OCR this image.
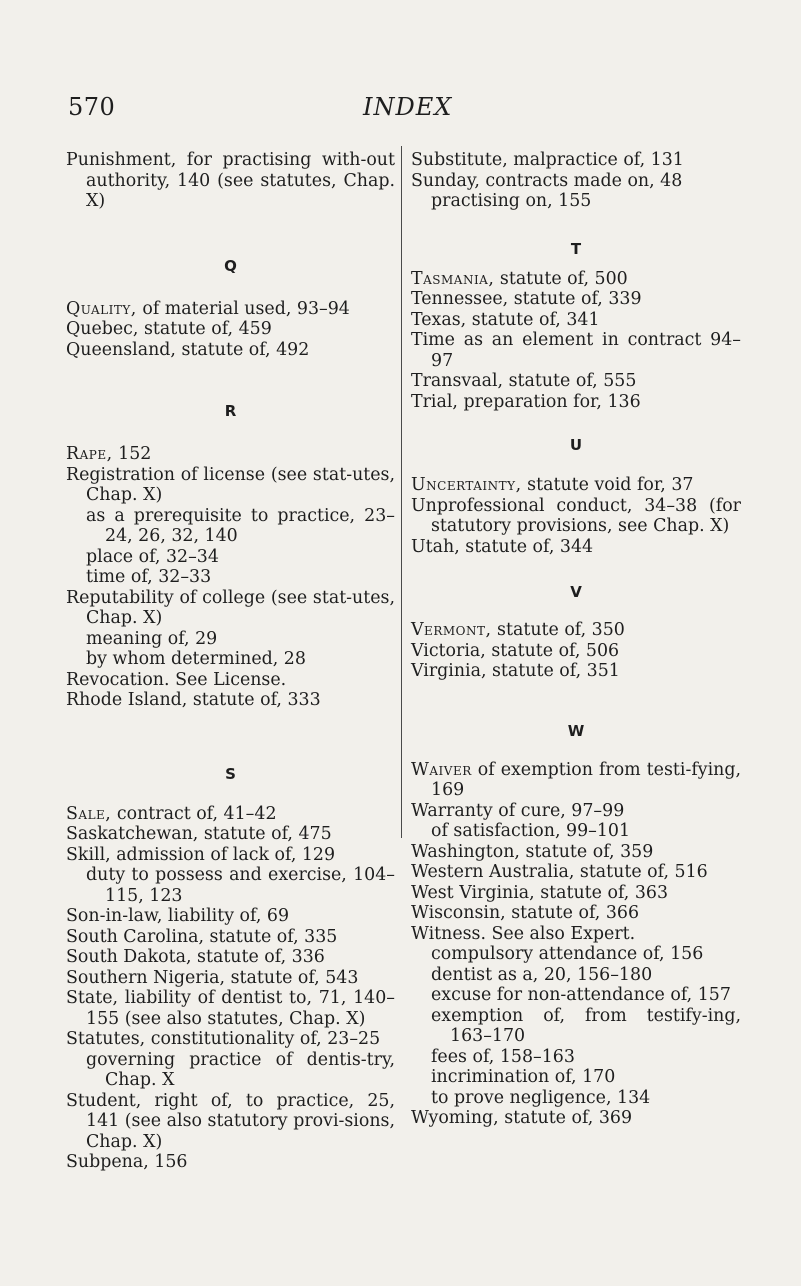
570	INDEX

Punishment, for practising with-out authority, 140 (see statutes, Chap. X)

Q

Quality, of material used, 93–94

Quebec, statute of, 459

Queensland, statute of, 492

R

Rape, 152

Registration of license (see stat-utes, Chap. X)

as a prerequisite to practice, 23–24, 26, 32, 140

place of, 32–34

time of, 32–33

Reputability of college (see stat-utes, Chap. X)

meaning of, 29

by whom determined, 28

Revocation. See License.

Rhode Island, statute of, 333

S

Sale, contract of, 41–42

Saskatchewan, statute of, 475

Skill, admission of lack of, 129

duty to possess and exercise, 104–115, 123

Son-in-law, liability of, 69

South Carolina, statute of, 335

South Dakota, statute of, 336

Southern Nigeria, statute of, 543

State, liability of dentist to, 71, 140–155 (see also statutes, Chap. X)

Statutes, constitutionality of, 23–25

governing practice of dentis-try, Chap. X

Student, right of, to practice, 25, 141 (see also statutory provi-sions, Chap. X)

Subpena, 156

Substitute, malpractice of, 131

Sunday, contracts made on, 48

practising on, 155

T

Tasmania, statute of, 500

Tennessee, statute of, 339

Texas, statute of, 341

Time as an element in contract 94–97

Transvaal, statute of, 555

Trial, preparation for, 136

U

Uncertainty, statute void for, 37

Unprofessional conduct, 34–38 (for statutory provisions, see Chap. X)

Utah, statute of, 344

V

Vermont, statute of, 350

Victoria, statute of, 506

Virginia, statute of, 351

W

Waiver of exemption from testi-fying, 169

Warranty of cure, 97–99

of satisfaction, 99–101

Washington, statute of, 359

Western Australia, statute of, 516

West Virginia, statute of, 363

Wisconsin, statute of, 366

Witness. See also Expert.

compulsory attendance of, 156

dentist as a, 20, 156–180

excuse for non-attendance of, 157

exemption of, from testify-ing, 163–170

fees of, 158–163

incrimination of, 170

to prove negligence, 134

Wyoming, statute of, 369
